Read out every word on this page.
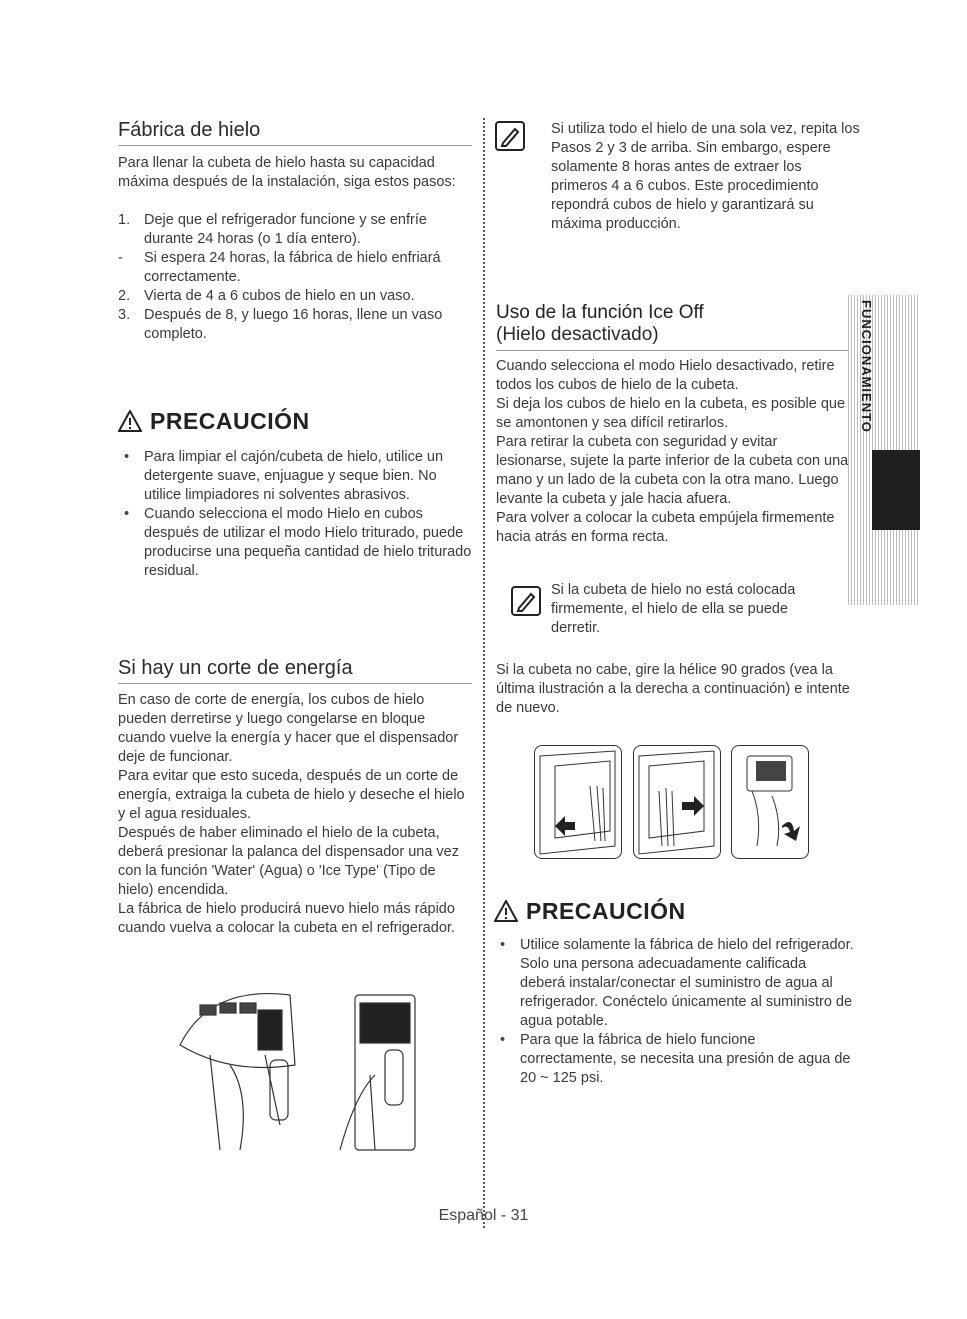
Fábrica de hielo

Para llenar la cubeta de hielo hasta su capacidad máxima después de la instalación, siga estos pasos:

1. Deje que el refrigerador funcione y se enfríe durante 24 horas (o 1 día entero).
- Si espera 24 horas, la fábrica de hielo enfriará correctamente.
2. Vierta de 4 a 6 cubos de hielo en un vaso.
3. Después de 8, y luego 16 horas, llene un vaso completo.
PRECAUCIÓN
• Para limpiar el cajón/cubeta de hielo, utilice un detergente suave, enjuague y seque bien. No utilice limpiadores ni solventes abrasivos.
• Cuando selecciona el modo Hielo en cubos después de utilizar el modo Hielo triturado, puede producirse una pequeña cantidad de hielo triturado residual.
Si hay un corte de energía

En caso de corte de energía, los cubos de hielo pueden derretirse y luego congelarse en bloque cuando vuelve la energía y hacer que el dispensador deje de funcionar.

Para evitar que esto suceda, después de un corte de energía, extraiga la cubeta de hielo y deseche el hielo y el agua residuales.

Después de haber eliminado el hielo de la cubeta, deberá presionar la palanca del dispensador una vez con la función 'Water' (Agua) o 'Ice Type' (Tipo de hielo) encendida.

La fábrica de hielo producirá nuevo hielo más rápido cuando vuelva a colocar la cubeta en el refrigerador.

Si utiliza todo el hielo de una sola vez, repita los Pasos 2 y 3 de arriba. Sin embargo, espere solamente 8 horas antes de extraer los primeros 4 a 6 cubos. Este procedimiento repondrá cubos de hielo y garantizará su máxima producción.

Uso de la función Ice Off
(Hielo desactivado)

Cuando selecciona el modo Hielo desactivado, retire todos los cubos de hielo de la cubeta.

Si deja los cubos de hielo en la cubeta, es posible que se amontonen y sea difícil retirarlos.

Para retirar la cubeta con seguridad y evitar lesionarse, sujete la parte inferior de la cubeta con una mano y un lado de la cubeta con la otra mano. Luego levante la cubeta y jale hacia afuera.

Para volver a colocar la cubeta empújela firmemente hacia atrás en forma recta.

Si la cubeta de hielo no está colocada firmemente, el hielo de ella se puede derretir.

Si la cubeta no cabe, gire la hélice 90 grados (vea la última ilustración a la derecha a continuación) e intente de nuevo.

PRECAUCIÓN
• Utilice solamente la fábrica de hielo del refrigerador. Solo una persona adecuadamente calificada deberá instalar/conectar el suministro de agua al refrigerador. Conéctelo únicamente al suministro de agua potable.
• Para que la fábrica de hielo funcione correctamente, se necesita una presión de agua de 20 ~ 125 psi.
FUNCIONAMIENTO
Español - 31
